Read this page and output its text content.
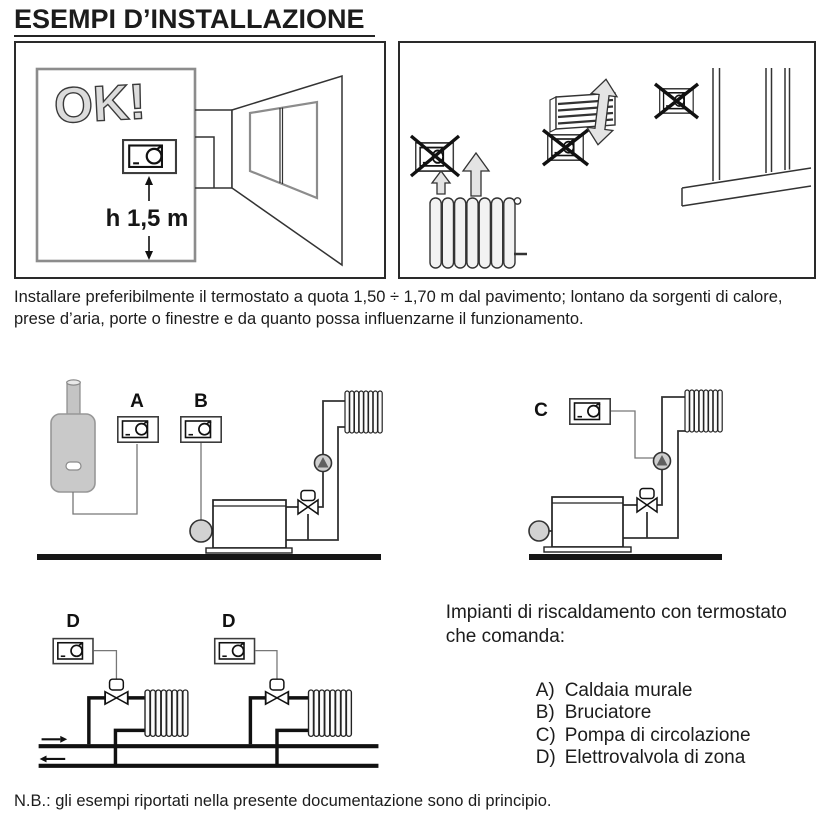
ESEMPI D’INSTALLAZIONE
OK!
h 1,5 m

Installare preferibilmente il termostato a quota 1,50 ÷ 1,70 m dal pavimento; lontano da sorgenti di calore, prese d’aria, porte o finestre e da quanto possa influenzarne il funzionamento.

A	B	C
D	D	Impianti di riscaldamento con termostato che comanda:

A) Caldaia murale
B) Bruciatore
C) Pompa di circolazione
D) Elettrovalvola di zona

N.B.: gli esempi riportati nella presente documentazione sono di principio.
